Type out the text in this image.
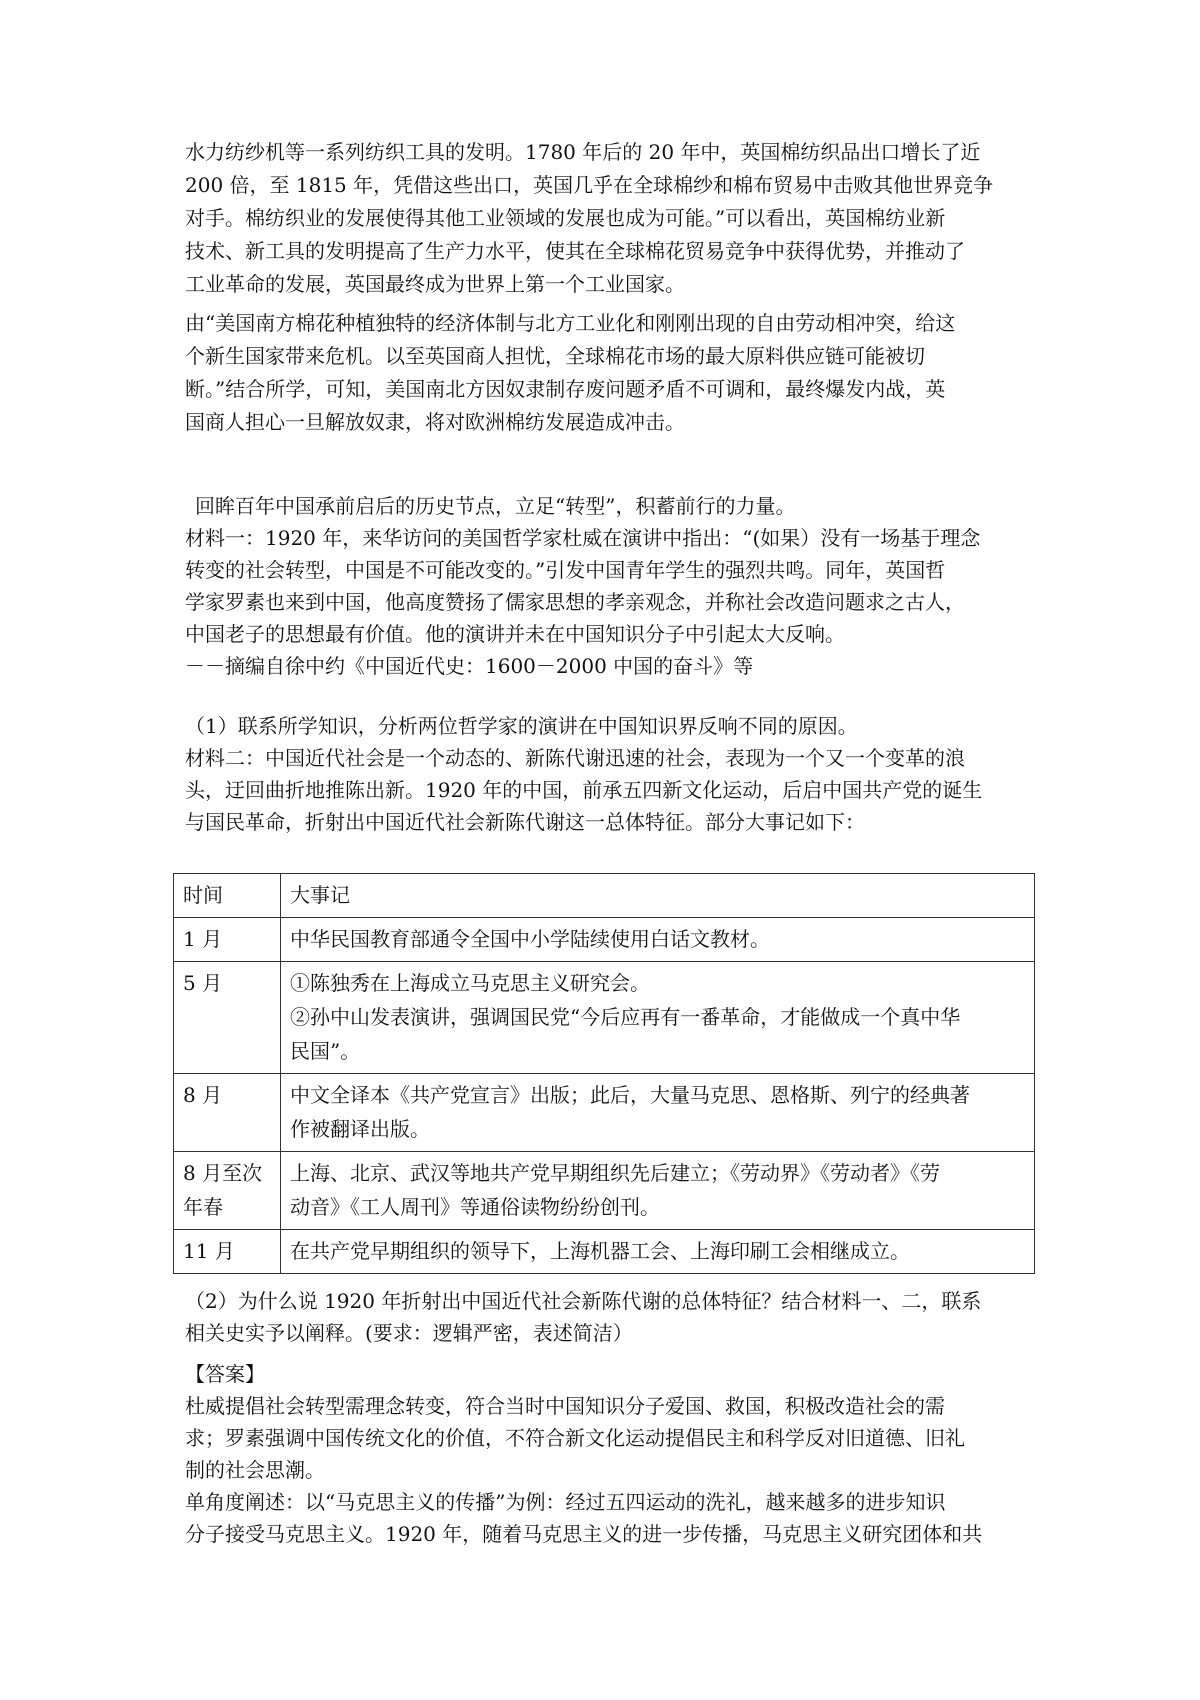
水力纺纱机等一系列纺织工具的发明。1780 年后的 20 年中，英国棉纺织品出口增长了近
200 倍，至 1815 年，凭借这些出口，英国几乎在全球棉纱和棉布贸易中击败其他世界竞争
对手。棉纺织业的发展使得其他工业领域的发展也成为可能。”可以看出，英国棉纺业新
技术、新工具的发明提高了生产力水平，使其在全球棉花贸易竞争中获得优势，并推动了
工业革命的发展，英国最终成为世界上第一个工业国家。
由“美国南方棉花种植独特的经济体制与北方工业化和刚刚出现的自由劳动相冲突，给这
个新生国家带来危机。以至英国商人担忧，全球棉花市场的最大原料供应链可能被切
断。”结合所学，可知，美国南北方因奴隶制存废问题矛盾不可调和，最终爆发内战，英
国商人担心一旦解放奴隶，将对欧洲棉纺发展造成冲击。
回眸百年中国承前启后的历史节点，立足“转型”，积蓄前行的力量。
材料一：1920 年，来华访问的美国哲学家杜威在演讲中指出：“(如果）没有一场基于理念
转变的社会转型，中国是不可能改变的。”引发中国青年学生的强烈共鸣。同年，英国哲
学家罗素也来到中国，他高度赞扬了儒家思想的孝亲观念，并称社会改造问题求之古人，
中国老子的思想最有价值。他的演讲并未在中国知识分子中引起太大反响。
－－摘编自徐中约《中国近代史：1600－2000 中国的奋斗》等
（1）联系所学知识，分析两位哲学家的演讲在中国知识界反响不同的原因。
材料二：中国近代社会是一个动态的、新陈代谢迅速的社会，表现为一个又一个变革的浪
头，迂回曲折地推陈出新。1920 年的中国，前承五四新文化运动，后启中国共产党的诞生
与国民革命，折射出中国近代社会新陈代谢这一总体特征。部分大事记如下：
时间	大事记

1 月	中华民国教育部通令全国中小学陆续使用白话文教材。

5 月	①陈独秀在上海成立马克思主义研究会。
②孙中山发表演讲，强调国民党“今后应再有一番革命，才能做成一个真中华
民国”。

8 月	中文全译本《共产党宣言》出版；此后，大量马克思、恩格斯、列宁的经典著
作被翻译出版。

8 月至次
年春	上海、北京、武汉等地共产党早期组织先后建立；《劳动界》《劳动者》《劳
动音》《工人周刊》等通俗读物纷纷创刊。

11 月	在共产党早期组织的领导下，上海机器工会、上海印刷工会相继成立。
（2）为什么说 1920 年折射出中国近代社会新陈代谢的总体特征？结合材料一、二，联系
相关史实予以阐释。(要求：逻辑严密，表述简洁）
【答案】
杜威提倡社会转型需理念转变，符合当时中国知识分子爱国、救国，积极改造社会的需
求；罗素强调中国传统文化的价值，不符合新文化运动提倡民主和科学反对旧道德、旧礼
制的社会思潮。
单角度阐述：以“马克思主义的传播”为例：经过五四运动的洗礼，越来越多的进步知识
分子接受马克思主义。1920 年，随着马克思主义的进一步传播，马克思主义研究团体和共
